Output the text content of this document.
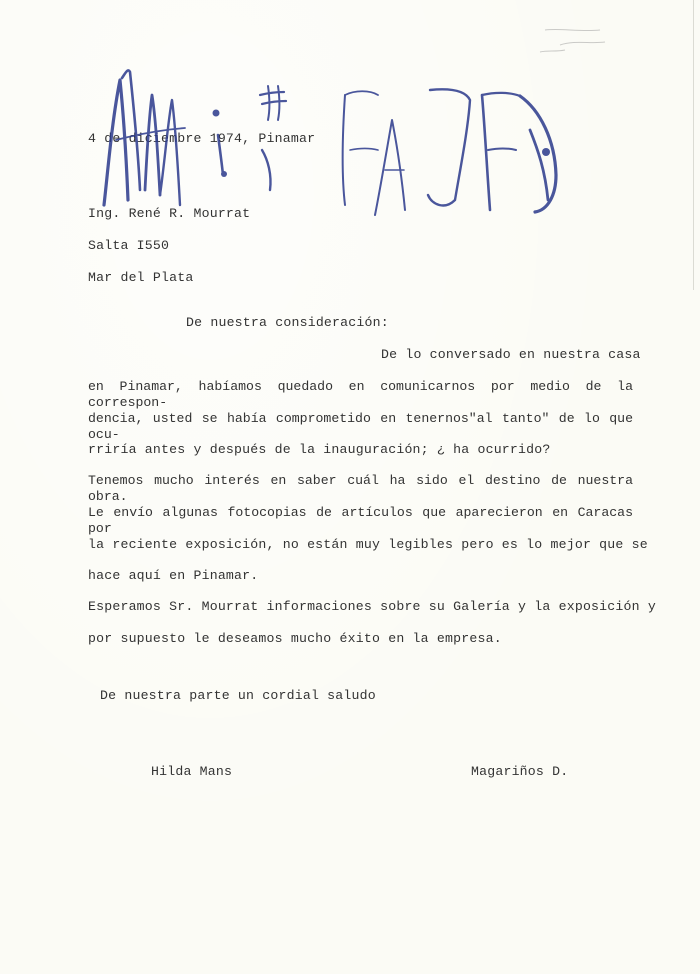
4 de diciembre 1974, Pinamar
Ing. René R. Mourrat
Salta I550
Mar del Plata
De nuestra consideración:
De lo conversado en nuestra casa
en Pinamar, habíamos quedado en comunicarnos por medio de la correspon-
dencia, usted se había comprometido en tenernos"al tanto" de lo que ocu-
rriría antes y después de la inauguración; ¿ ha ocurrido?
Tenemos mucho interés en saber cuál ha sido el destino de nuestra obra.
Le envío algunas fotocopias de artículos que aparecieron en Caracas por
la reciente exposición, no están muy legibles pero es lo mejor que se
hace aquí en Pinamar.
Esperamos Sr. Mourrat informaciones sobre su Galería y la exposición y
por supuesto le deseamos mucho éxito en la empresa.
De nuestra parte un cordial saludo
Hilda Mans	Magariños D.
